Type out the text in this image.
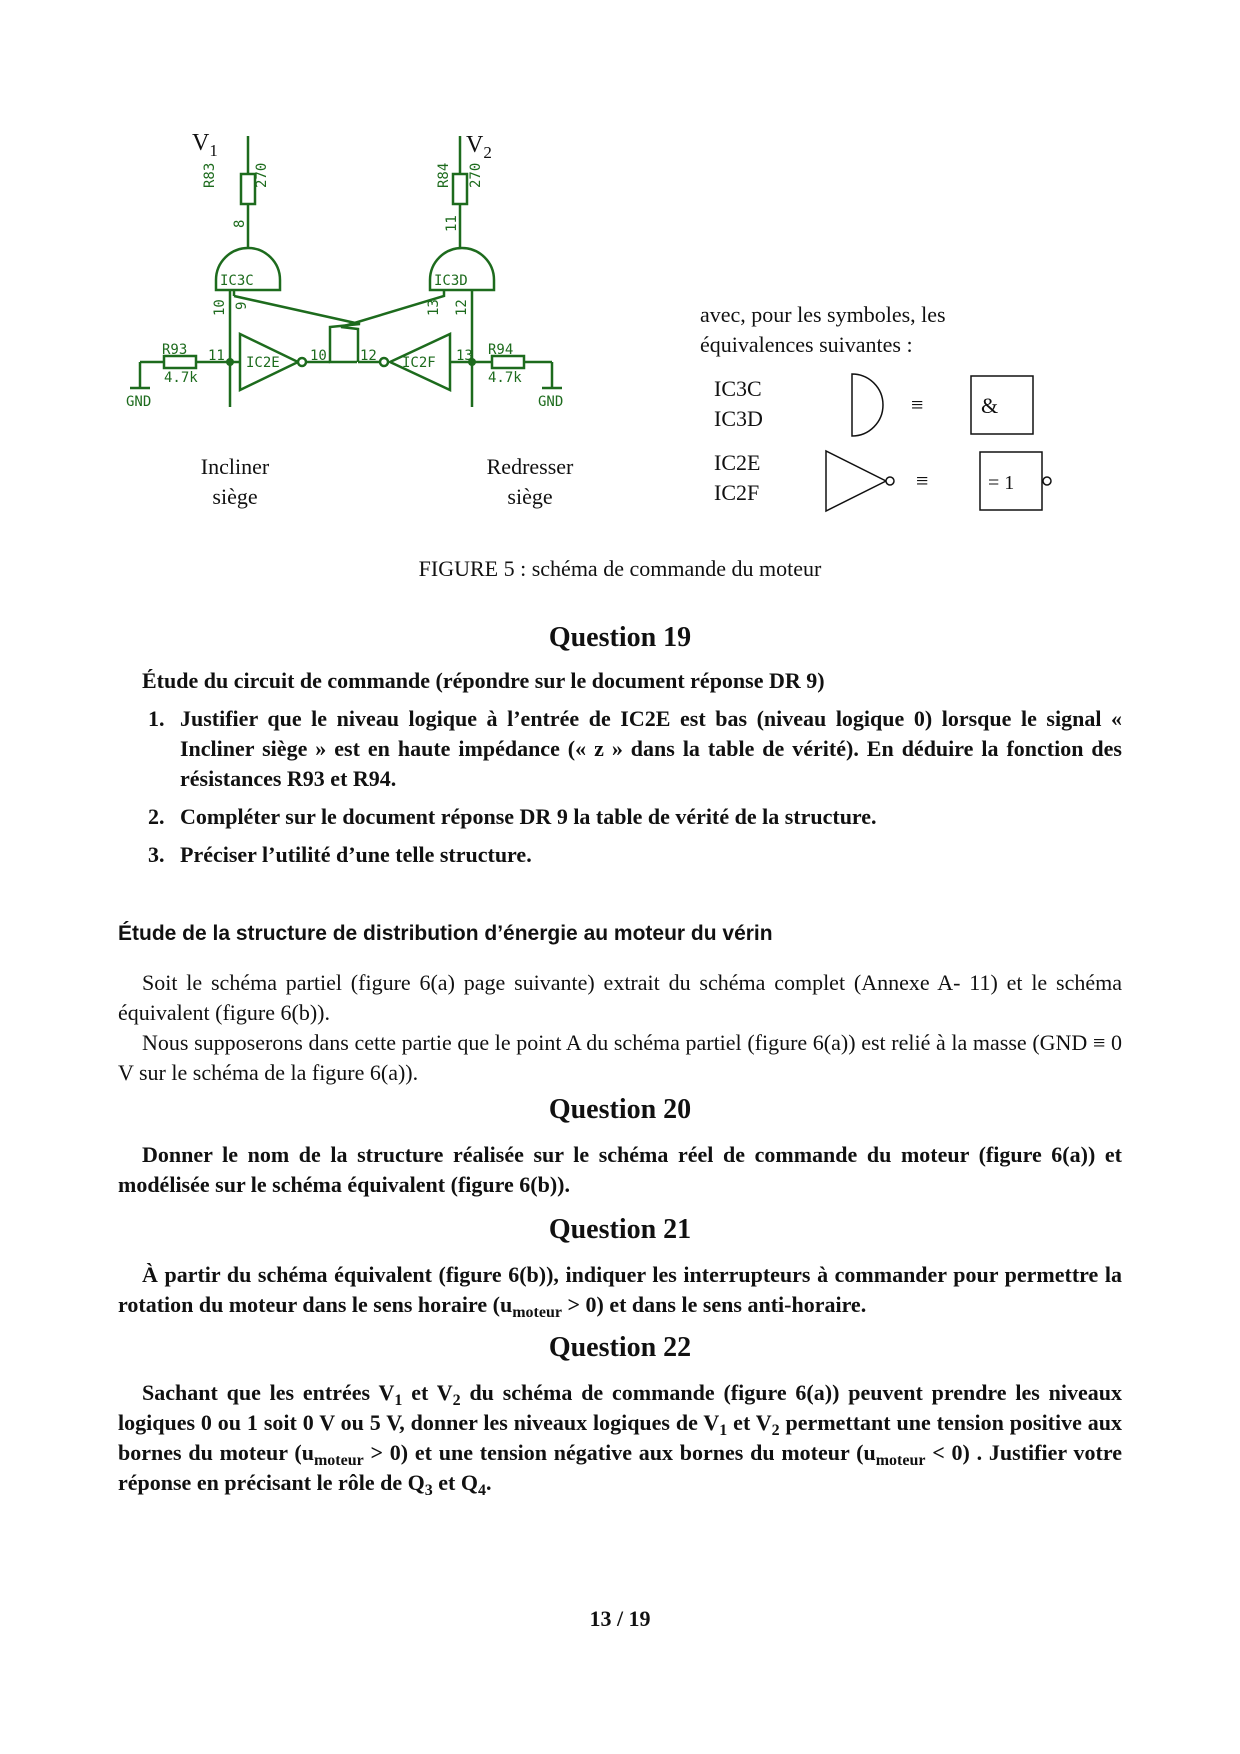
$V_1$	$V_2$
R83	270	R84 270
8	11
IC3C	IC3D
10 9	13 12
R93
4.7k
R94
4.7k
11 IC2E 10 12 IC2F 13
GND	GND
Incliner
siège
Redresser
siège
avec, pour les symboles, les
équivalences suivantes :
IC3C
IC3D
IC2E
IC2F
≡	&
≡	= 1
FIGURE 5 : schéma de commande du moteur
Question 19
Étude du circuit de commande (répondre sur le document réponse DR 9)
1. Justifier que le niveau logique à l’entrée de IC2E est bas (niveau logique 0) lorsque le signal « Incliner siège » est en haute impédance (« z » dans la table de vérité). En déduire la fonction des résistances R93 et R94.
2. Compléter sur le document réponse DR 9 la table de vérité de la structure.
3. Préciser l’utilité d’une telle structure.
Étude de la structure de distribution d’énergie au moteur du vérin
Soit le schéma partiel (figure 6(a) page suivante) extrait du schéma complet (Annexe A- 11) et le schéma équivalent (figure 6(b)).
Nous supposerons dans cette partie que le point A du schéma partiel (figure 6(a)) est relié à la masse (GND ≡ 0 V sur le schéma de la figure 6(a)).
Question 20
Donner le nom de la structure réalisée sur le schéma réel de commande du moteur (figure 6(a)) et modélisée sur le schéma équivalent (figure 6(b)).
Question 21
À partir du schéma équivalent (figure 6(b)), indiquer les interrupteurs à commander pour permettre la rotation du moteur dans le sens horaire $(u_{moteur} > 0)$ et dans le sens anti-horaire.
Question 22
Sachant que les entrées $V_1$ et $V_2$ du schéma de commande (figure 6(a)) peuvent prendre les niveaux logiques 0 ou 1 soit 0 V ou 5 V, donner les niveaux logiques de $V_1$ et $V_2$ permettant une tension positive aux bornes du moteur $(u_{moteur} > 0)$ et une tension négative aux bornes du moteur $(u_{moteur} < 0)$ . Justifier votre réponse en précisant le rôle de $Q_3$ et $Q_4$.
13 / 19
